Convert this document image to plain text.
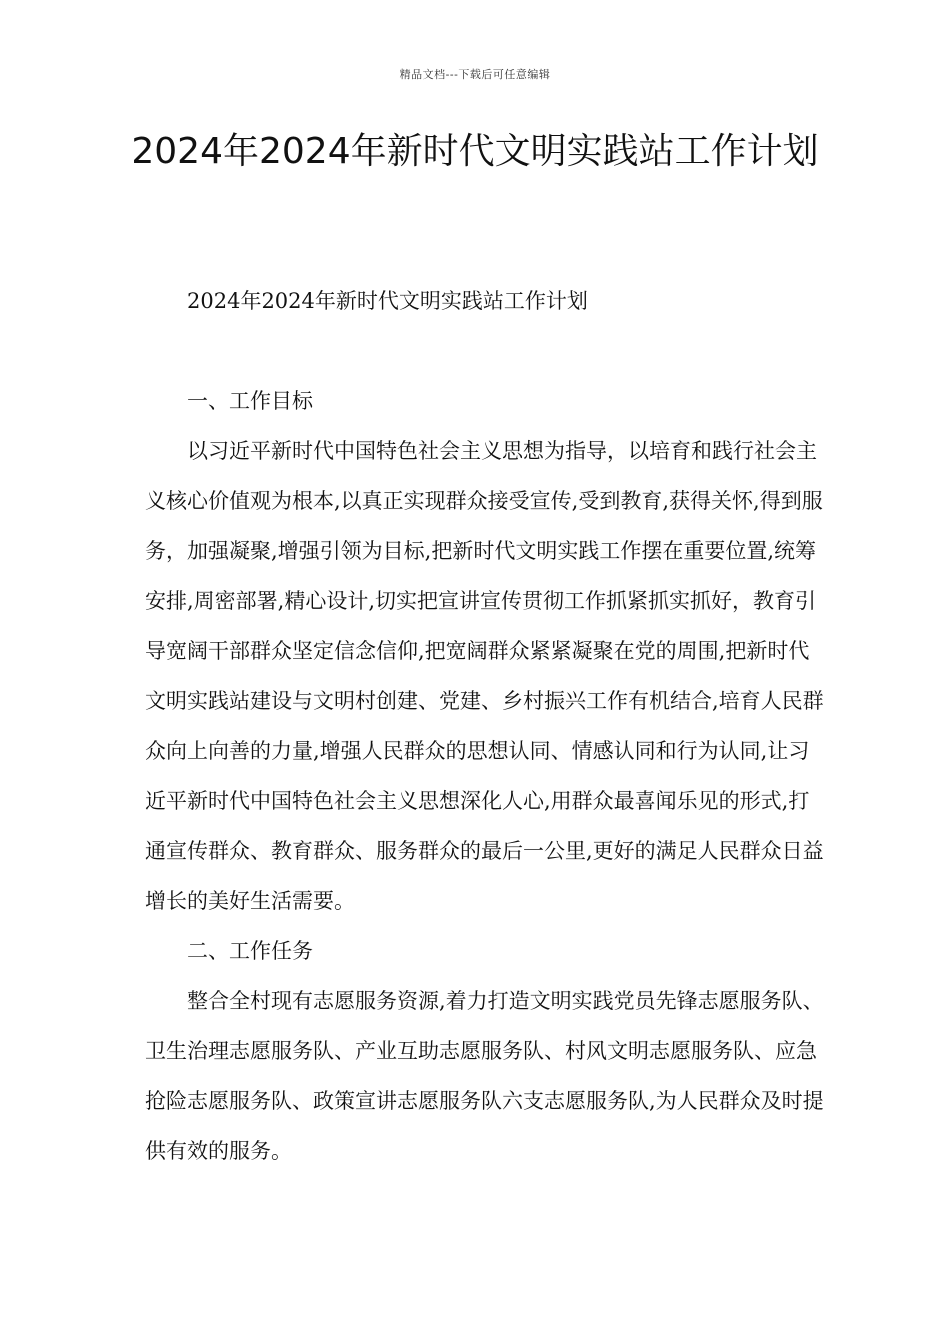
精品文档---下载后可任意编辑
2024年2024年新时代文明实践站工作计划

2024年2024年新时代文明实践站工作计划

一、工作目标

以习近平新时代中国特色社会主义思想为指导，以培育和践行社会主义核心价值观为根本,以真正实现群众接受宣传,受到教育,获得关怀,得到服务，加强凝聚,增强引领为目标,把新时代文明实践工作摆在重要位置,统筹安排,周密部署,精心设计,切实把宣讲宣传贯彻工作抓紧抓实抓好，教育引导宽阔干部群众坚定信念信仰,把宽阔群众紧紧凝聚在党的周围,把新时代文明实践站建设与文明村创建、党建、乡村振兴工作有机结合,培育人民群众向上向善的力量,增强人民群众的思想认同、情感认同和行为认同,让习近平新时代中国特色社会主义思想深化人心,用群众最喜闻乐见的形式,打通宣传群众、教育群众、服务群众的最后一公里,更好的满足人民群众日益增长的美好生活需要。

二、工作任务

整合全村现有志愿服务资源,着力打造文明实践党员先锋志愿服务队、卫生治理志愿服务队、产业互助志愿服务队、村风文明志愿服务队、应急抢险志愿服务队、政策宣讲志愿服务队六支志愿服务队,为人民群众及时提供有效的服务。
